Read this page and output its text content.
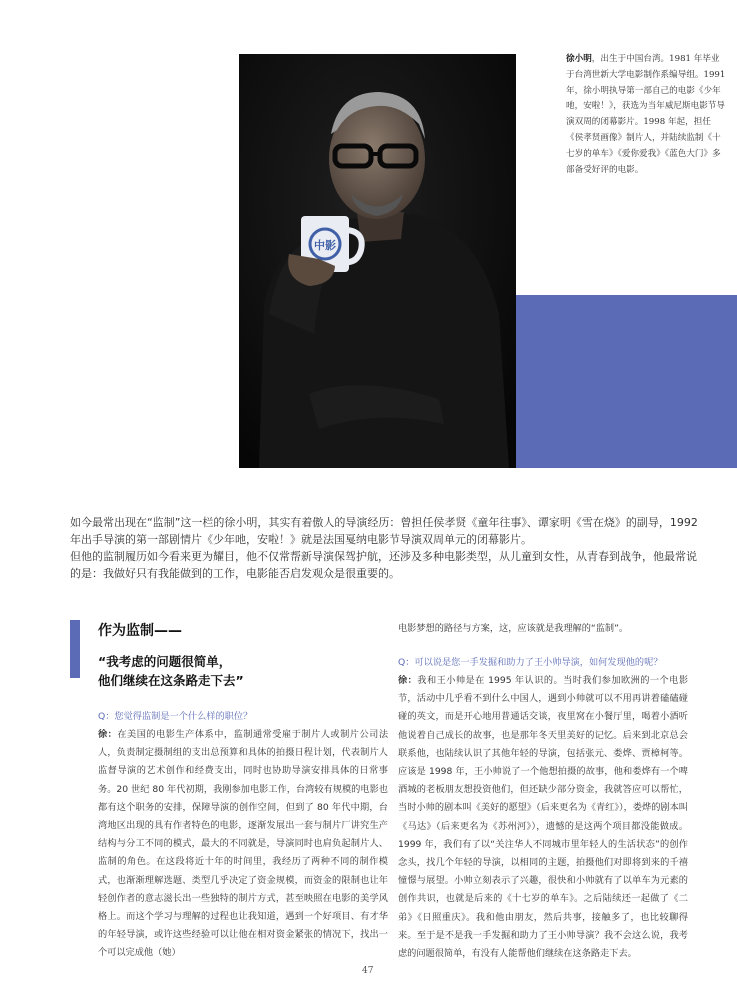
中影
徐小明，出生于中国台湾。1981 年毕业于台湾世新大学电影制作系编导组。1991 年，徐小明执导第一部自己的电影《少年吔，安啦！》，获选为当年威尼斯电影节导演双周的闭幕影片。1998 年起，担任《侯孝贤画像》制片人，并陆续监制《十七岁的单车》《爱你爱我》《蓝色大门》多部备受好评的电影。

如今最常出现在“监制”这一栏的徐小明，其实有着傲人的导演经历：曾担任侯孝贤《童年往事》、谭家明《雪在烧》的副导，1992 年出手导演的第一部剧情片《少年吔，安啦！》就是法国戛纳电影节导演双周单元的闭幕影片。

但他的监制履历如今看来更为耀目，他不仅常帮新导演保驾护航，还涉及多种电影类型，从儿童到女性，从青春到战争，他最常说的是：我做好只有我能做到的工作，电影能否启发观众是很重要的。

作为监制——
“我考虑的问题很简单，
他们继续在这条路走下去”
Q：您觉得监制是一个什么样的职位？
徐：在美国的电影生产体系中，监制通常受雇于制片人或制片公司法人，负责制定摄制组的支出总预算和具体的拍摄日程计划，代表制片人监督导演的艺术创作和经费支出，同时也协助导演安排具体的日常事务。20 世纪 80 年代初期，我刚参加电影工作，台湾较有规模的电影也都有这个职务的安排，保障导演的创作空间，但到了 80 年代中期，台湾地区出现的具有作者特色的电影，逐渐发展出一套与制片厂讲究生产结构与分工不同的模式，最大的不同就是，导演同时也肩负起制片人、监制的角色。在这段将近十年的时间里，我经历了两种不同的制作模式，也渐渐理解选题、类型几乎决定了资金规模，而资金的限制也让年轻创作者的意志滋长出一些独特的制片方式，甚至映照在电影的美学风格上。而这个学习与理解的过程也让我知道，遇到一个好项目、有才华的年轻导演，或许这些经验可以让他在相对资金紧张的情况下，找出一个可以完成他（她）
电影梦想的路径与方案，这，应该就是我理解的“监制”。
Q：可以说是您一手发掘和助力了王小帅导演，如何发现他的呢？
徐：我和王小帅是在 1995 年认识的。当时我们参加欧洲的一个电影节，活动中几乎看不到什么中国人，遇到小帅就可以不用再讲着磕磕碰碰的英文，而是开心地用普通话交谈，夜里窝在小餐厅里，喝着小酒听他说着自己成长的故事，也是那年冬天里美好的记忆。后来到北京总会联系他，也陆续认识了其他年轻的导演，包括张元、娄烨、贾樟柯等。应该是 1998 年，王小帅说了一个他想拍摄的故事，他和娄烨有一个啤酒城的老板朋友想投资他们，但还缺少部分资金，我就答应可以帮忙，当时小帅的剧本叫《美好的愿望》（后来更名为《青红》），娄烨的剧本叫《马达》（后来更名为《苏州河》），遗憾的是这两个项目都没能做成。1999 年，我们有了以“关注华人不同城市里年轻人的生活状态”的创作念头，找几个年轻的导演，以相同的主题，拍摄他们对即将到来的千禧憧憬与展望。小帅立刻表示了兴趣，很快和小帅就有了以单车为元素的创作共识，也就是后来的《十七岁的单车》。之后陆续还一起做了《二弟》《日照重庆》。我和他由朋友，然后共事，接触多了，也比较聊得来。至于是不是我一手发掘和助力了王小帅导演？我不会这么说，我考虑的问题很简单，有没有人能帮他们继续在这条路走下去。
47
